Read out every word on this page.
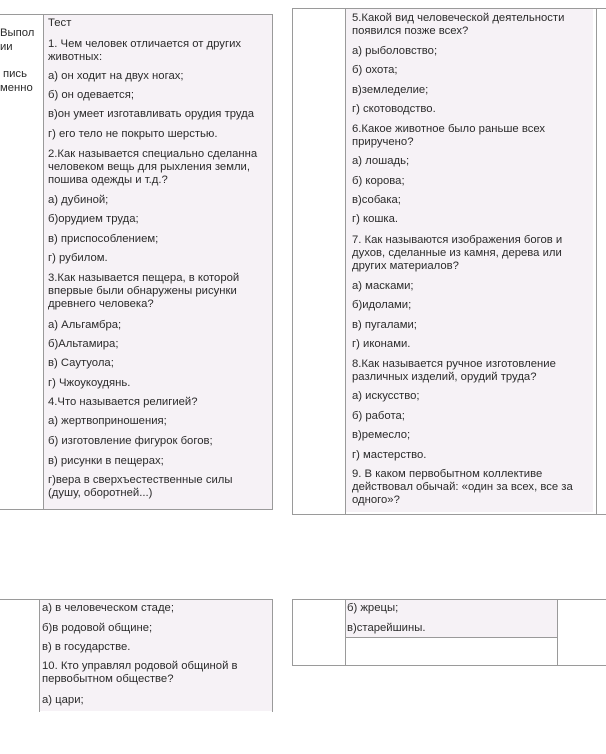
Выпол
ии
пись
менно
Тест
1. Чем человек отличается от других
животных:
а) он ходит на двух ногах;
б) он одевается;
в)он умеет изготавливать орудия труда
г) его тело не покрыто шерстью.
2.Как называется специально сделанна
человеком вещь для рыхления земли,
пошива одежды и т.д.?
а) дубиной;
б)орудием труда;
в) приспособлением;
г) рубилом.
3.Как называется пещера, в которой
впервые были обнаружены рисунки
древнего человека?
а) Альгамбра;
б)Альтамира;
в) Саутуола;
г) Чжоукоудянь.
4.Что называется религией?
а) жертвоприношения;
б) изготовление фигурок богов;
в) рисунки в пещерах;
г)вера в сверхъестественные силы
(душу, оборотней...)
5.Какой вид человеческой деятельности
появился позже всех?
а) рыболовство;
б) охота;
в)земледелие;
г) скотоводство.
6.Какое животное было раньше всех
приручено?
а) лошадь;
б) корова;
в)собака;
г) кошка.
7. Как называются изображения богов и
духов, сделанные из камня, дерева или
других материалов?
а) масками;
б)идолами;
в) пугалами;
г) иконами.
8.Как называется ручное изготовление
различных изделий, орудий труда?
а) искусство;
б) работа;
в)ремесло;
г) мастерство.
9. В каком первобытном коллективе
действовал обычай: «один за всех, все за
одного»?
а) в человеческом стаде;
б)в родовой общине;
в) в государстве.
10. Кто управлял родовой общиной в
первобытном обществе?
а) цари;
б) жрецы;
в)старейшины.
